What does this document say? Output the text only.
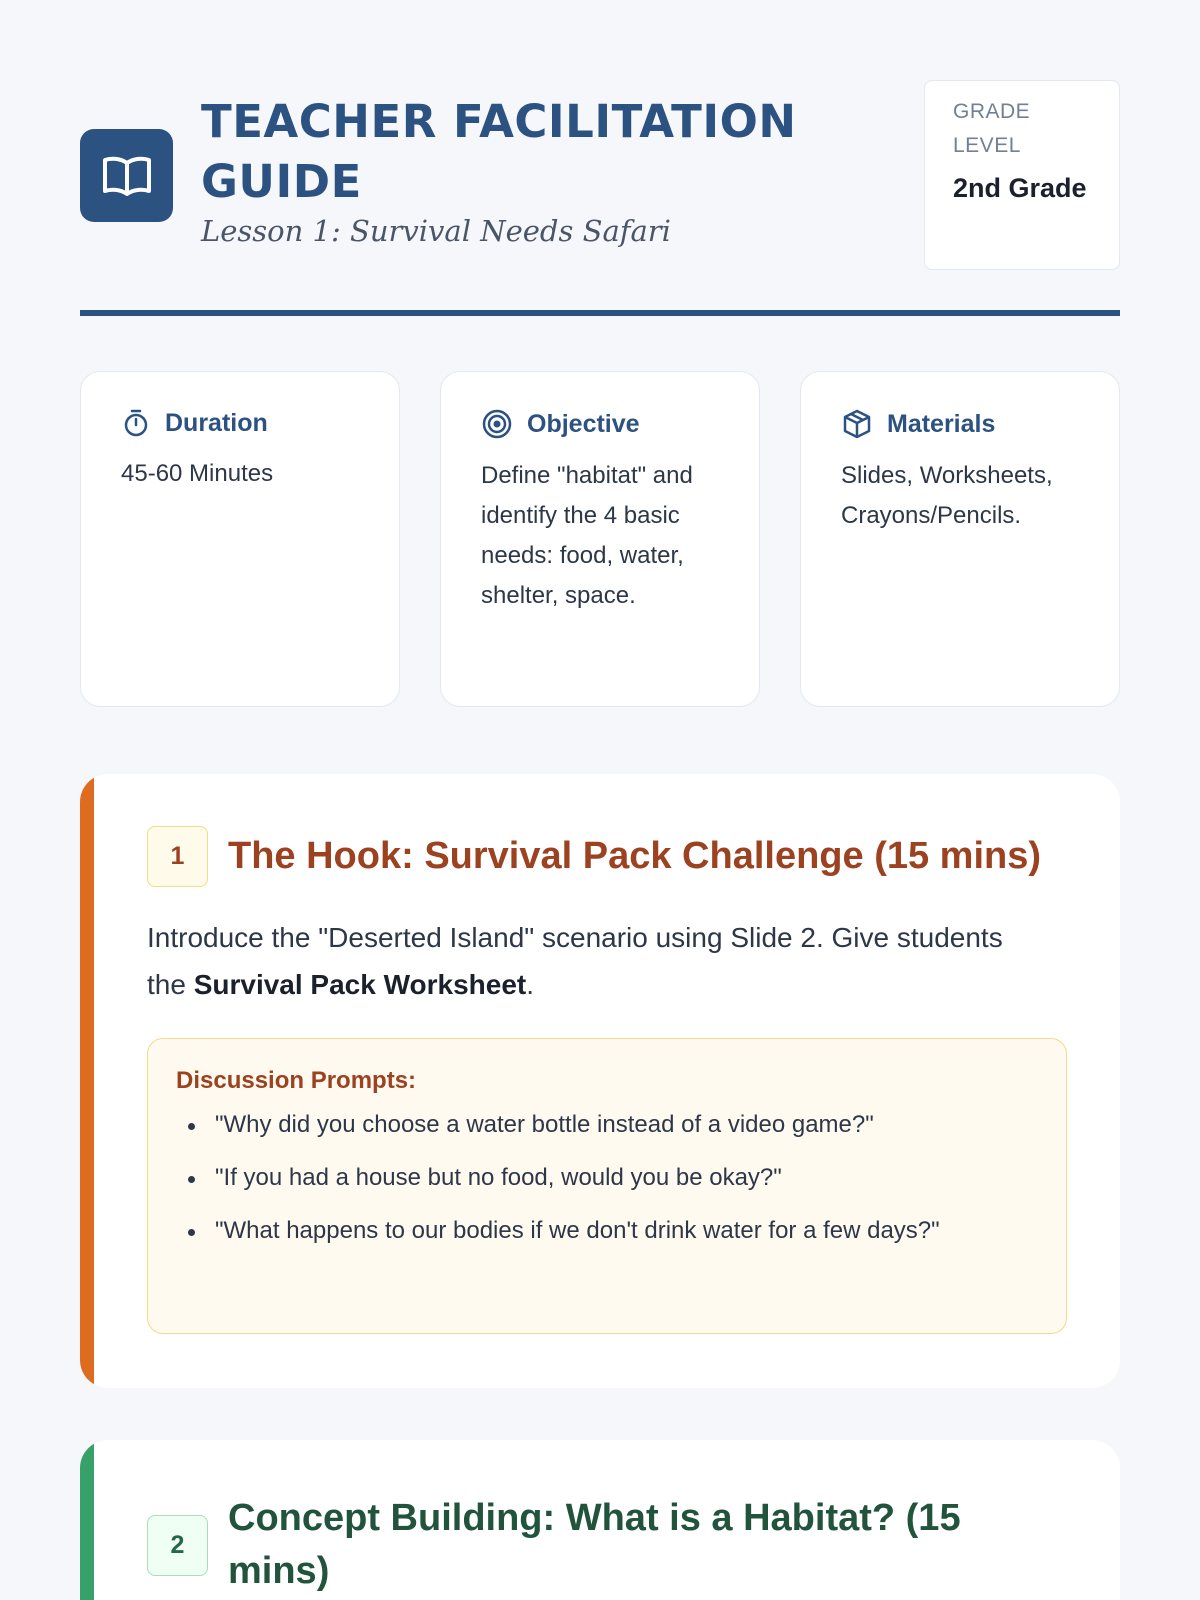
TEACHER FACILITATION GUIDE
Lesson 1: Survival Needs Safari
GRADE LEVEL
2nd Grade
Duration
45-60 Minutes
Objective
Define "habitat" and identify the 4 basic needs: food, water, shelter, space.
Materials
Slides, Worksheets, Crayons/Pencils.
1	The Hook: Survival Pack Challenge (15 mins)
Introduce the "Deserted Island" scenario using Slide 2. Give students the Survival Pack Worksheet.
Discussion Prompts:
"Why did you choose a water bottle instead of a video game?"
"If you had a house but no food, would you be okay?"
"What happens to our bodies if we don't drink water for a few days?"
2
Concept Building: What is a Habitat? (15 mins)
